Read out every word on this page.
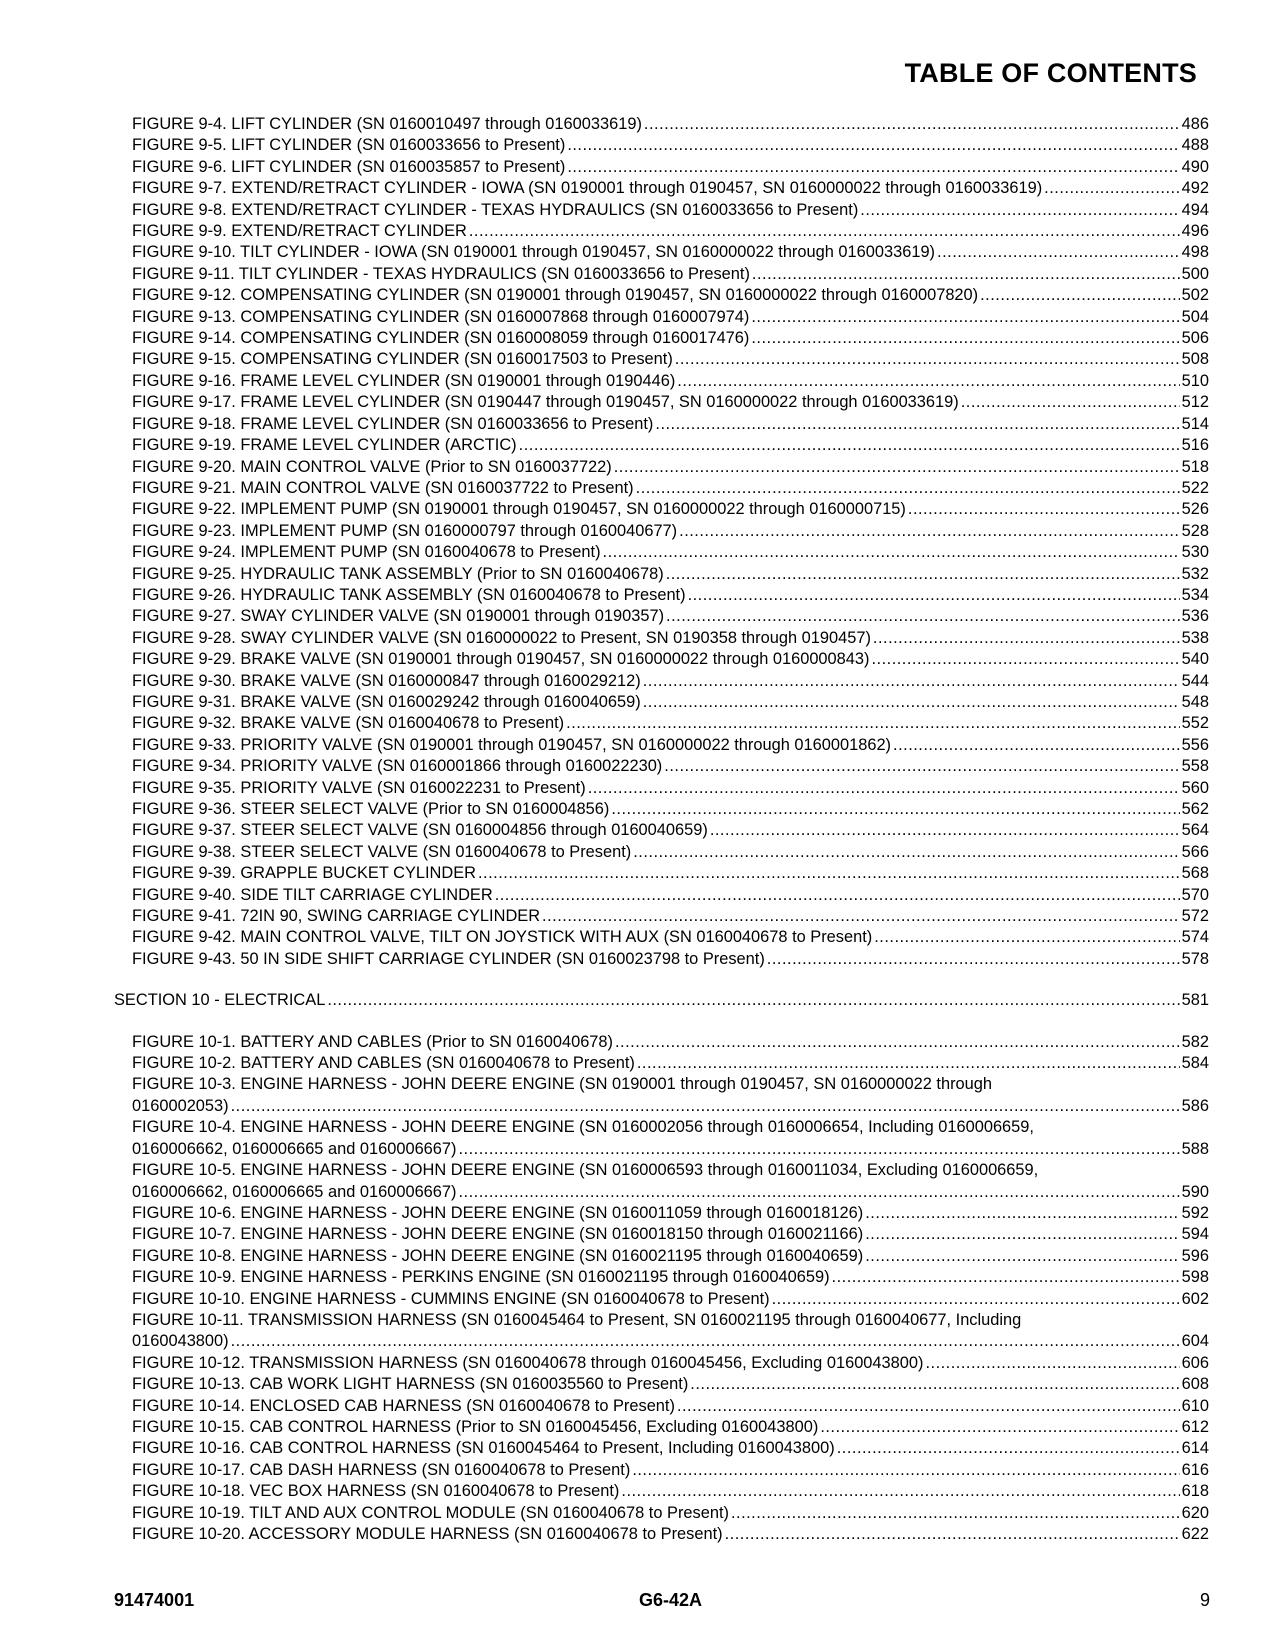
TABLE OF CONTENTS
FIGURE 9-4. LIFT CYLINDER (SN 0160010497 through 0160033619) .....	486
FIGURE 9-5. LIFT CYLINDER (SN 0160033656 to Present) .....	488
FIGURE 9-6. LIFT CYLINDER (SN 0160035857 to Present) .....	490
FIGURE 9-7. EXTEND/RETRACT CYLINDER - IOWA (SN 0190001 through 0190457, SN 0160000022 through 0160033619) .....	492
FIGURE 9-8. EXTEND/RETRACT CYLINDER - TEXAS HYDRAULICS (SN 0160033656 to Present) .....	494
FIGURE 9-9. EXTEND/RETRACT CYLINDER .....	496
FIGURE 9-10. TILT CYLINDER - IOWA (SN 0190001 through 0190457, SN 0160000022 through 0160033619) .....	498
FIGURE 9-11. TILT CYLINDER - TEXAS HYDRAULICS (SN 0160033656 to Present) .....	500
FIGURE 9-12. COMPENSATING CYLINDER (SN 0190001 through 0190457, SN 0160000022 through 0160007820) .....	502
FIGURE 9-13. COMPENSATING CYLINDER (SN 0160007868 through 0160007974) .....	504
FIGURE 9-14. COMPENSATING CYLINDER (SN 0160008059 through 0160017476) .....	506
FIGURE 9-15. COMPENSATING CYLINDER (SN 0160017503 to Present) .....	508
FIGURE 9-16. FRAME LEVEL CYLINDER (SN 0190001 through 0190446) .....	510
FIGURE 9-17. FRAME LEVEL CYLINDER (SN 0190447 through 0190457, SN 0160000022 through 0160033619) .....	512
FIGURE 9-18. FRAME LEVEL CYLINDER (SN 0160033656 to Present) .....	514
FIGURE 9-19. FRAME LEVEL CYLINDER (ARCTIC) .....	516
FIGURE 9-20. MAIN CONTROL VALVE (Prior to SN 0160037722) .....	518
FIGURE 9-21. MAIN CONTROL VALVE (SN 0160037722 to Present) .....	522
FIGURE 9-22. IMPLEMENT PUMP (SN 0190001 through 0190457, SN 0160000022 through 0160000715) .....	526
FIGURE 9-23. IMPLEMENT PUMP (SN 0160000797 through 0160040677) .....	528
FIGURE 9-24. IMPLEMENT PUMP (SN 0160040678 to Present) .....	530
FIGURE 9-25. HYDRAULIC TANK ASSEMBLY (Prior to SN 0160040678) .....	532
FIGURE 9-26. HYDRAULIC TANK ASSEMBLY (SN 0160040678 to Present) .....	534
FIGURE 9-27. SWAY CYLINDER VALVE (SN 0190001 through 0190357) .....	536
FIGURE 9-28. SWAY CYLINDER VALVE (SN 0160000022 to Present, SN 0190358 through 0190457) .....	538
FIGURE 9-29. BRAKE VALVE (SN 0190001 through 0190457, SN 0160000022 through 0160000843) .....	540
FIGURE 9-30. BRAKE VALVE (SN 0160000847 through 0160029212) .....	544
FIGURE 9-31. BRAKE VALVE (SN 0160029242 through 0160040659) .....	548
FIGURE 9-32. BRAKE VALVE (SN 0160040678 to Present) .....	552
FIGURE 9-33. PRIORITY VALVE (SN 0190001 through 0190457, SN 0160000022 through 0160001862) .....	556
FIGURE 9-34. PRIORITY VALVE (SN 0160001866 through 0160022230) .....	558
FIGURE 9-35. PRIORITY VALVE (SN 0160022231 to Present) .....	560
FIGURE 9-36. STEER SELECT VALVE (Prior to SN 0160004856) .....	562
FIGURE 9-37. STEER SELECT VALVE (SN 0160004856 through 0160040659) .....	564
FIGURE 9-38. STEER SELECT VALVE (SN 0160040678 to Present) .....	566
FIGURE 9-39. GRAPPLE BUCKET CYLINDER .....	568
FIGURE 9-40. SIDE TILT CARRIAGE CYLINDER .....	570
FIGURE 9-41. 72IN 90, SWING CARRIAGE CYLINDER .....	572
FIGURE 9-42. MAIN CONTROL VALVE, TILT ON JOYSTICK WITH AUX (SN 0160040678 to Present) .....	574
FIGURE 9-43. 50 IN SIDE SHIFT CARRIAGE CYLINDER (SN 0160023798 to Present) .....	578
SECTION 10 - ELECTRICAL .....	581
FIGURE 10-1. BATTERY AND CABLES (Prior to SN 0160040678) .....	582
FIGURE 10-2. BATTERY AND CABLES (SN 0160040678 to Present) .....	584
FIGURE 10-3. ENGINE HARNESS - JOHN DEERE ENGINE (SN 0190001 through 0190457, SN 0160000022 through
0160002053) .....	586
FIGURE 10-4. ENGINE HARNESS - JOHN DEERE ENGINE (SN 0160002056 through 0160006654, Including 0160006659,
0160006662, 0160006665 and 0160006667) .....	588
FIGURE 10-5. ENGINE HARNESS - JOHN DEERE ENGINE (SN 0160006593 through 0160011034, Excluding 0160006659,
0160006662, 0160006665 and 0160006667) .....	590
FIGURE 10-6. ENGINE HARNESS - JOHN DEERE ENGINE (SN 0160011059 through 0160018126) .....	592
FIGURE 10-7. ENGINE HARNESS - JOHN DEERE ENGINE (SN 0160018150 through 0160021166) .....	594
FIGURE 10-8. ENGINE HARNESS - JOHN DEERE ENGINE (SN 0160021195 through 0160040659) .....	596
FIGURE 10-9. ENGINE HARNESS - PERKINS ENGINE (SN 0160021195 through 0160040659) .....	598
FIGURE 10-10. ENGINE HARNESS - CUMMINS ENGINE (SN 0160040678 to Present) .....	602
FIGURE 10-11. TRANSMISSION HARNESS (SN 0160045464 to Present, SN 0160021195 through 0160040677, Including
0160043800) .....	604
FIGURE 10-12. TRANSMISSION HARNESS (SN 0160040678 through 0160045456, Excluding 0160043800) .....	606
FIGURE 10-13. CAB WORK LIGHT HARNESS (SN 0160035560 to Present) .....	608
FIGURE 10-14. ENCLOSED CAB HARNESS (SN 0160040678 to Present) .....	610
FIGURE 10-15. CAB CONTROL HARNESS (Prior to SN 0160045456, Excluding 0160043800) .....	612
FIGURE 10-16. CAB CONTROL HARNESS (SN 0160045464 to Present, Including 0160043800) .....	614
FIGURE 10-17. CAB DASH HARNESS (SN 0160040678 to Present) .....	616
FIGURE 10-18. VEC BOX HARNESS (SN 0160040678 to Present) .....	618
FIGURE 10-19. TILT AND AUX CONTROL MODULE (SN 0160040678 to Present) .....	620
FIGURE 10-20. ACCESSORY MODULE HARNESS (SN 0160040678 to Present) .....	622
91474001	G6-42A	9
